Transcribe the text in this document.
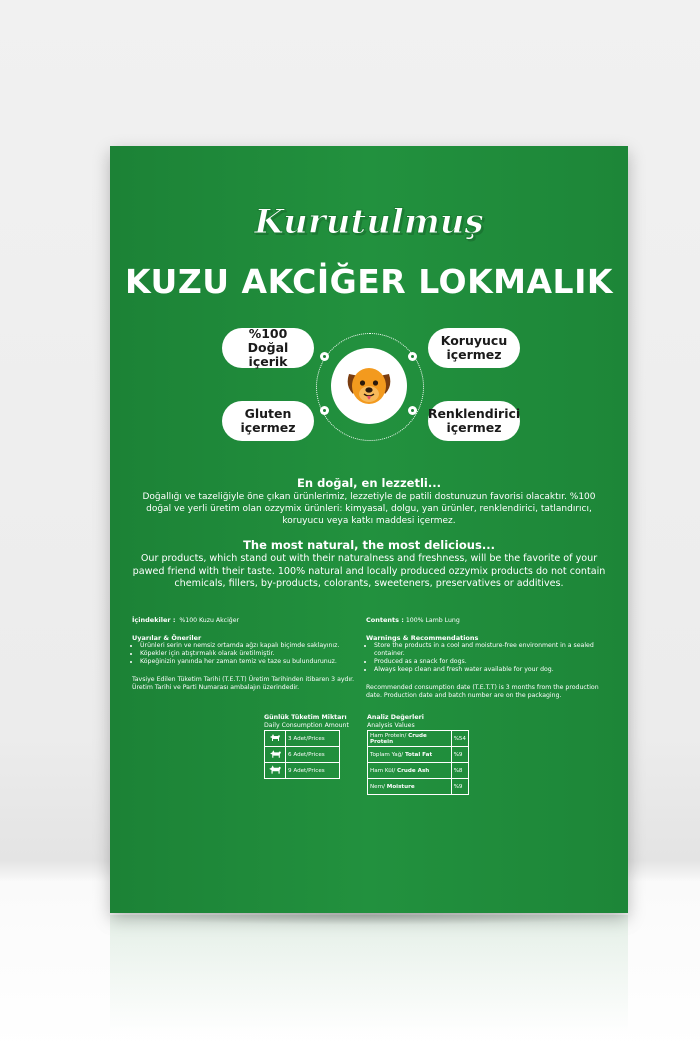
Kurutulmuş
KUZU AKCİĞER LOKMALIK
%100 Doğal içerik
Koruyucu içermez
Gluten içermez
Renklendirici içermez
En doğal, en lezzetli...
Doğallığı ve tazeliğiyle öne çıkan ürünlerimiz, lezzetiyle de patili dostunuzun favorisi olacaktır. %100 doğal ve yerli üretim olan ozzymix ürünleri: kimyasal, dolgu, yan ürünler, renklendirici, tatlandırıcı, koruyucu veya katkı maddesi içermez.
The most natural, the most delicious...
Our products, which stand out with their naturalness and freshness, will be the favorite of your pawed friend with their taste. 100% natural and locally produced ozzymix products do not contain chemicals, fillers, by-products, colorants, sweeteners, preservatives or additives.
İçindekiler : %100 Kuzu Akciğer
Uyarılar & Öneriler
• Ürünleri serin ve nemsiz ortamda ağzı kapalı biçimde saklayınız.
• Köpekler için atıştırmalık olarak üretilmiştir.
• Köpeğinizin yanında her zaman temiz ve taze su bulundurunuz.
Tavsiye Edilen Tüketim Tarihi (T.E.T.T) Üretim Tarihinden itibaren 3 aydır. Üretim Tarihi ve Parti Numarası ambalajın üzerindedir.
Contents : 100% Lamb Lung
Warnings & Recommendations
• Store the products in a cool and moisture-free environment in a sealed container.
• Produced as a snack for dogs.
• Always keep clean and fresh water available for your dog.
Recommended consumption date (T.E.T.T) is 3 months from the production date. Production date and batch number are on the packaging.
Günlük Tüketim Miktarı
Daily Consumption Amount
	3 Adet/Prices
	6 Adet/Prices
	9 Adet/Prices
Analiz Değerleri
Analysis Values
Ham Protein/ Crude Protein	%54
Toplam Yağ/ Total Fat	%9
Ham Kül/ Crude Ash	%8
Nem/ Moisture	%9
